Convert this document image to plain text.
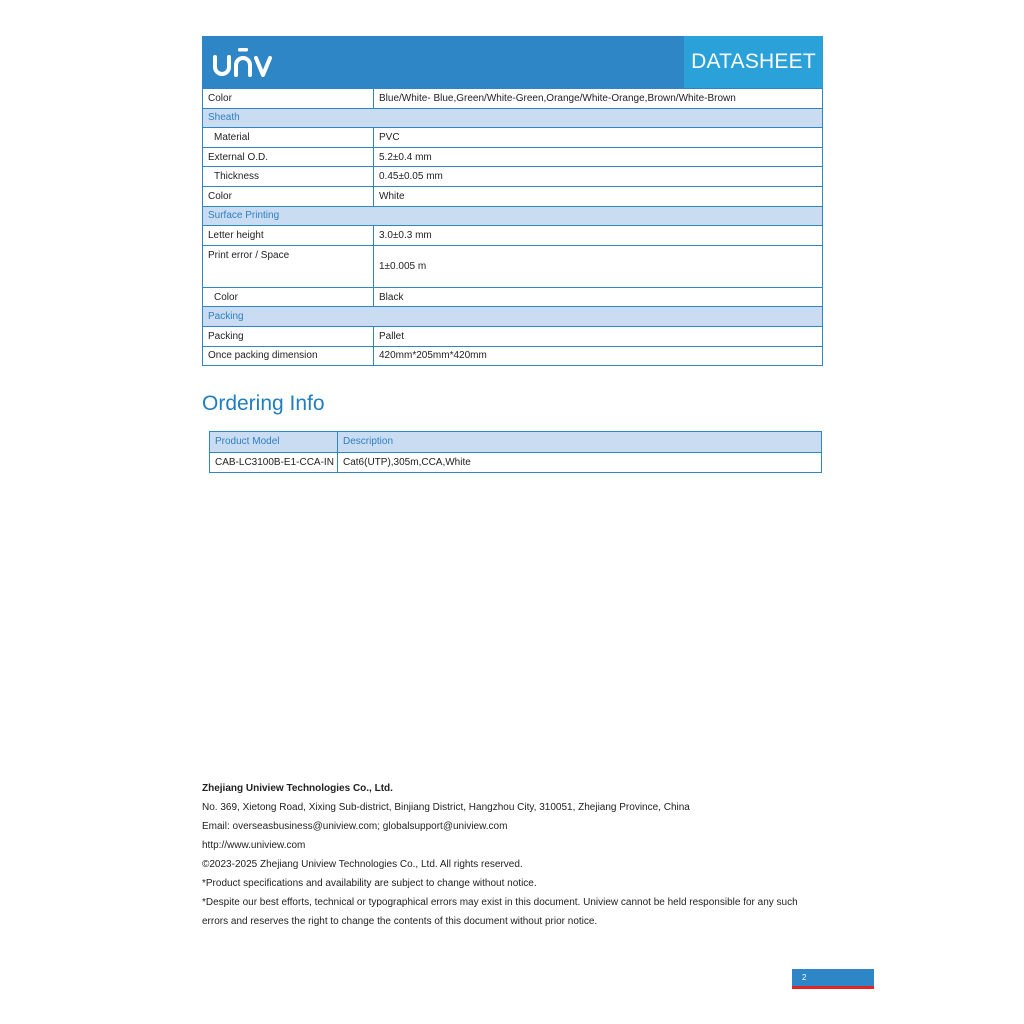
DATASHEET
Color	Blue/White- Blue,Green/White-Green,Orange/White-Orange,Brown/White-Brown
Sheath	
Material	PVC
External O.D.	5.2±0.4 mm
Thickness	0.45±0.05 mm
Color	White
Surface Printing	
Letter height	3.0±0.3 mm
Print error / Space	1±0.005 m
Color	Black
Packing	
Packing	Pallet
Once packing dimension	420mm*205mm*420mm
Ordering Info
Product Model	Description
CAB-LC3100B-E1-CCA-IN	Cat6(UTP),305m,CCA,White

Zhejiang Uniview Technologies Co., Ltd.

No. 369, Xietong Road, Xixing Sub-district, Binjiang District, Hangzhou City, 310051, Zhejiang Province, China

Email: overseasbusiness@uniview.com; globalsupport@uniview.com

http://www.uniview.com

©2023-2025 Zhejiang Uniview Technologies Co., Ltd. All rights reserved.

*Product specifications and availability are subject to change without notice.

*Despite our best efforts, technical or typographical errors may exist in this document. Uniview cannot be held responsible for any such

errors and reserves the right to change the contents of this document without prior notice.

2
